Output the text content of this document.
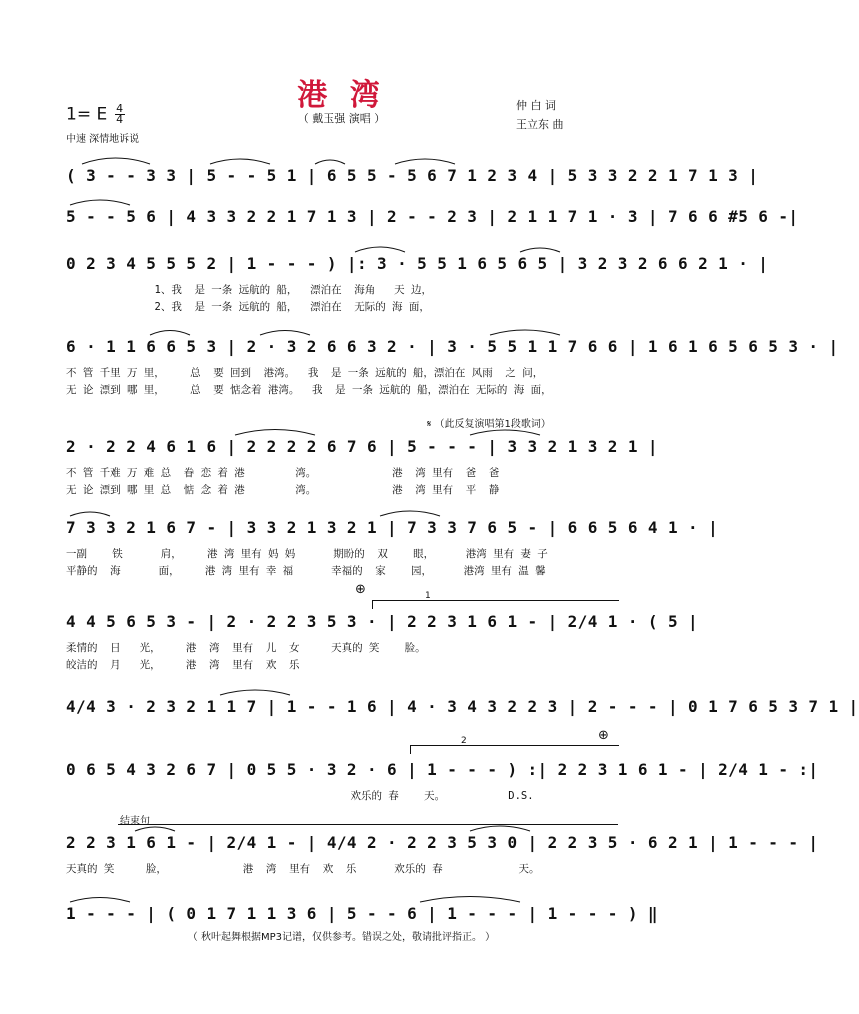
港 湾
（ 戴玉强 演唱 ）
仲 白 词
王立东 曲
1= E $\frac{4}{4}$
中速 深情地诉说
( 3 - - 3 3 | 5 - - 5 1 | 6 5 5 - 5 6 7 1 2 3 4 | 5 3 3 2 2 1 7 1 3 |
5 - - 5 6 | 4 3 3 2 2 1 7 1 3 | 2 - - 2 3 | 2 1 1 7 1 · 3 | 7 6 6 #5 6 -|
0 2 3 4 5 5 5 2 | 1 - - - ) |: 3 · 5 5 1 6 5 6 5 | 3 2 3 2 6 6 2 1 · |
1、我  是 一条 远航的 船，  漂泊在  海角   天 边，
2、我  是 一条 远航的 船，  漂泊在  无际的 海 面，
6 · 1 1 6 6 5 3 | 2 · 3 2 6 6 3 2 · | 3 · 5 5 1 1 7 6 6 | 1 6 1 6 5 6 5 3 · |
不 管 千里 万 里，    总  要 回到  港湾。  我  是 一条 远航的 船，漂泊在 风雨  之 问，
无 论 漂到 哪 里，    总  要 惦念着 港湾。  我  是 一条 远航的 船，漂泊在 无际的 海 面，
𝄋 （此反复演唱第1段歌词）
2 · 2 2 4 6 1 6 | 2 2 2 2 6 7 6 | 5 - - - | 3 3 2 1 3 2 1 |
不 管 千难 万 难 总  眷 恋 着 港        湾。            港  湾 里有  爸  爸
无 论 漂到 哪 里 总  惦 念 着 港        湾。            港  湾 里有  平  静
7 3 3 2 1 6 7 - | 3 3 2 1 3 2 1 | 7 3 3 7 6 5 - | 6 6 5 6 4 1 · |
一副    铁      肩，    港 湾 里有 妈 妈      期盼的  双    眼，     港湾 里有 妻 子
平静的  海      面，    港 湾 里有 幸 福      幸福的  家    园，     港湾 里有 温 馨
⊕	1
4 4 5 6 5 3 - | 2 · 2 2 3 5 3 · | 2 2 3 1 6 1 - | 2/4 1 · ( 5 |
柔情的  日   光，    港  湾  里有  儿  女     天真的 笑    脸。
皎洁的  月   光，    港  湾  里有  欢  乐
4/4 3 · 2 3 2 1 1 7 | 1 - - 1 6 | 4 · 3 4 3 2 2 3 | 2 - - - | 0 1 7 6 5 3 7 1 |
2	⊕
0 6 5 4 3 2 6 7 | 0 5 5 · 3 2 · 6 | 1 - - - ) :| 2 2 3 1 6 1 - | 2/4 1 - :|
欢乐的 春    天。          D.S.
结束句
2 2 3 1 6 1 - | 2/4 1 - | 4/4 2 · 2 2 3 5 3 0 | 2 2 3 5 · 6 2 1 | 1 - - - |
天真的 笑     脸，            港  湾  里有  欢  乐      欢乐的 春            天。
1 - - - | ( 0 1 7 1 1 3 6 | 5 - - 6 | 1 - - - | 1 - - - ) ‖
（ 秋叶起舞根据MP3记谱，仅供参考。错误之处，敬请批评指正。 ）
